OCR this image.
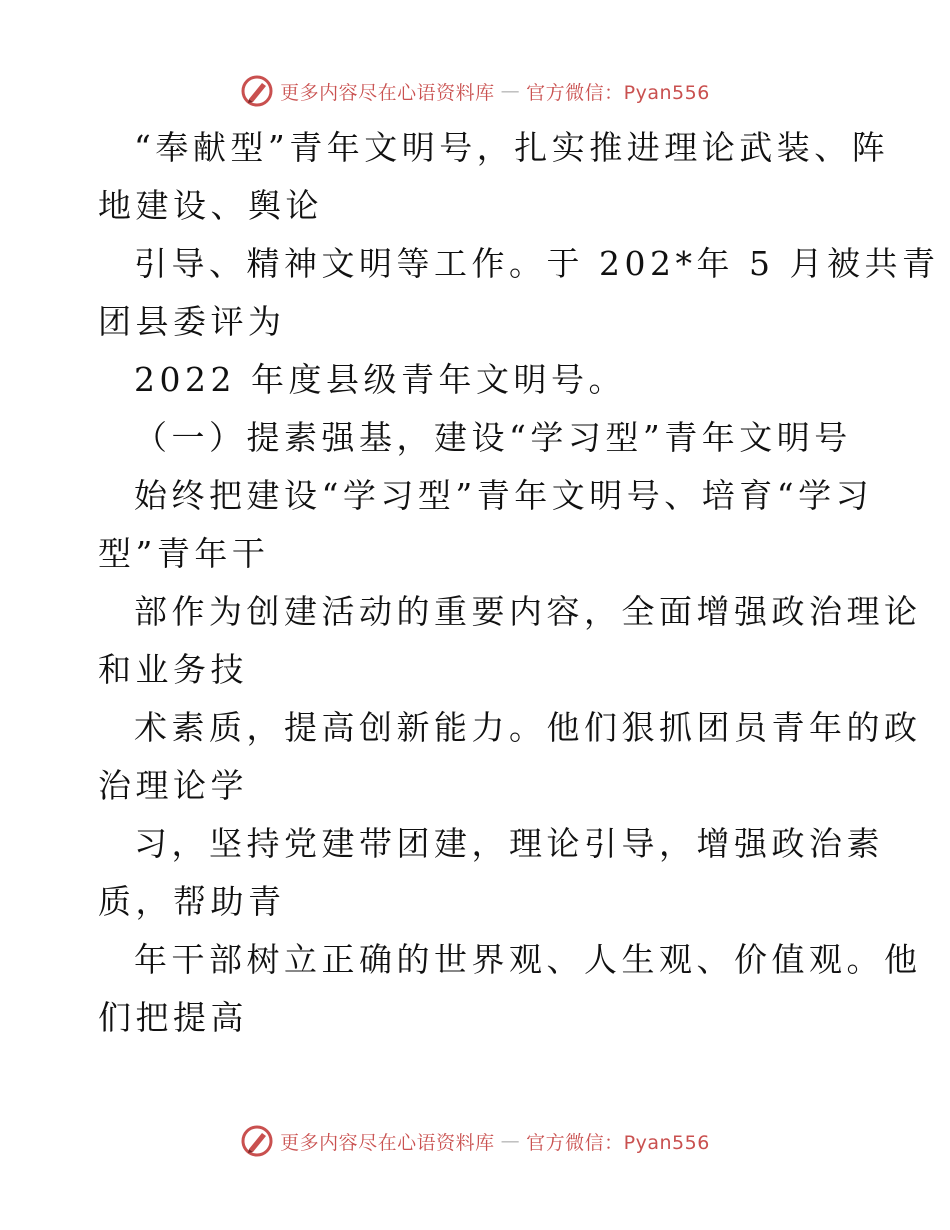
更多内容尽在心语资料库 — 官方微信：Pyan556
“奉献型”青年文明号，扎实推进理论武装、阵
地建设、舆论
引导、精神文明等工作。于 202*年 5 月被共青
团县委评为
2022 年度县级青年文明号。
（一）提素强基，建设“学习型”青年文明号
始终把建设“学习型”青年文明号、培育“学习
型”青年干
部作为创建活动的重要内容，全面增强政治理论
和业务技
术素质，提高创新能力。他们狠抓团员青年的政
治理论学
习，坚持党建带团建，理论引导，增强政治素
质，帮助青
年干部树立正确的世界观、人生观、价值观。他
们把提高
更多内容尽在心语资料库 — 官方微信：Pyan556
